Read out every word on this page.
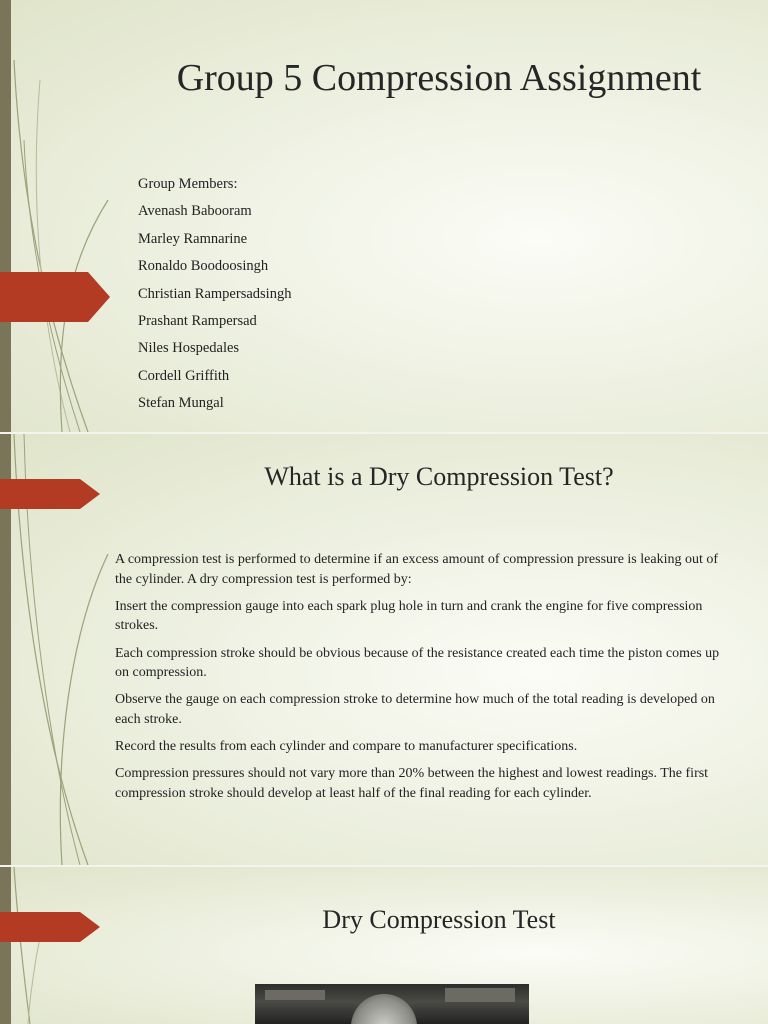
Group 5 Compression Assignment
Group Members:
Avenash Babooram
Marley Ramnarine
Ronaldo Boodoosingh
Christian Rampersadsingh
Prashant Rampersad
Niles Hospedales
Cordell Griffith
Stefan Mungal
What is a Dry Compression Test?
A compression test is performed to determine if an excess amount of compression pressure is leaking out of the cylinder. A dry compression test is performed by:
Insert the compression gauge into each spark plug hole in turn and crank the engine for five compression strokes.
Each compression stroke should be obvious because of the resistance created each time the piston comes up on compression.
Observe the gauge on each compression stroke to determine how much of the total reading is developed on each stroke.
Record the results from each cylinder and compare to manufacturer specifications.
Compression pressures should not vary more than 20% between the highest and lowest readings. The first compression stroke should develop at least half of the final reading for each cylinder.
Dry Compression Test
